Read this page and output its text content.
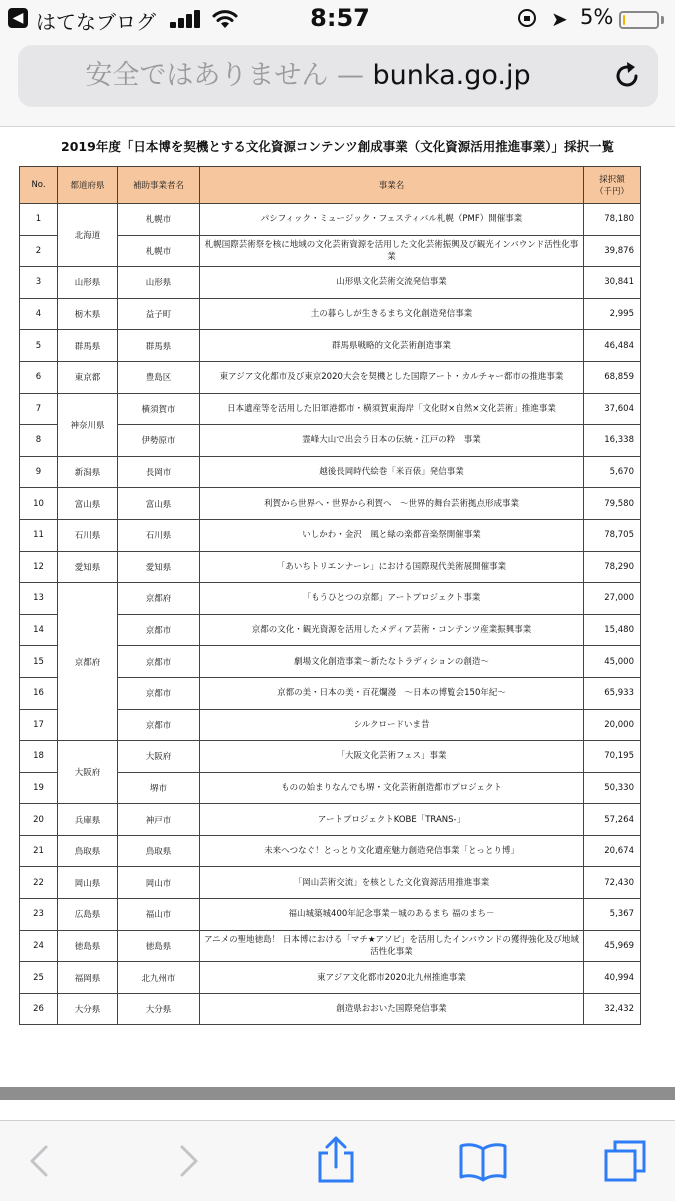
◀ はてなブログ	8:57	➤ 5%
安全ではありません — bunka.go.jp
2019年度「日本博を契機とする文化資源コンテンツ創成事業（文化資源活用推進事業）」採択一覧
No.	都道府県	補助事業者名	事業名	採択額
（千円）
1	北海道	札幌市	パシフィック・ミュージック・フェスティバル札幌（PMF）開催事業	78,180
2		札幌市	札幌国際芸術祭を核に地域の文化芸術資源を活用した文化芸術振興及び観光インバウンド活性化事業	39,876
3	山形県	山形県	山形県文化芸術交流発信事業	30,841
4	栃木県	益子町	土の暮らしが生きるまち文化創造発信事業	2,995
5	群馬県	群馬県	群馬県戦略的文化芸術創造事業	46,484
6	東京都	豊島区	東アジア文化都市及び東京2020大会を契機とした国際アート・カルチャー都市の推進事業	68,859
7	神奈川県	横須賀市	日本遺産等を活用した旧軍港都市・横須賀東海岸「文化財×自然×文化芸術」推進事業	37,604
8		伊勢原市	霊峰大山で出会う日本の伝統・江戸の粋　事業	16,338
9	新潟県	長岡市	越後長岡時代絵巻「米百俵」発信事業	5,670
10	富山県	富山県	利賀から世界へ・世界から利賀へ　～世界的舞台芸術拠点形成事業	79,580
11	石川県	石川県	いしかわ・金沢　風と緑の楽都音楽祭開催事業	78,705
12	愛知県	愛知県	「あいちトリエンナーレ」における国際現代美術展開催事業	78,290
13	京都府	京都府	「もうひとつの京都」アートプロジェクト事業	27,000
14		京都市	京都の文化・観光資源を活用したメディア芸術・コンテンツ産業振興事業	15,480
15		京都市	劇場文化創造事業～新たなトラディションの創造～	45,000
16		京都市	京都の美・日本の美・百花爛漫　～日本の博覧会150年紀～	65,933
17		京都市	シルクロードいま昔	20,000
18	大阪府	大阪府	「大阪文化芸術フェス」事業	70,195
19		堺市	ものの始まりなんでも堺・文化芸術創造都市プロジェクト	50,330
20	兵庫県	神戸市	アートプロジェクトKOBE「TRANS-」	57,264
21	鳥取県	鳥取県	未来へつなぐ！とっとり文化遺産魅力創造発信事業「とっとり博」	20,674
22	岡山県	岡山市	「岡山芸術交流」を核とした文化資源活用推進事業	72,430
23	広島県	福山市	福山城築城400年記念事業－城のあるまち 福のまち－	5,367
24	徳島県	徳島県	アニメの聖地徳島！ 日本博における「マチ★アソビ」を活用したインバウンドの獲得強化及び地域活性化事業	45,969
25	福岡県	北九州市	東アジア文化都市2020北九州推進事業	40,994
26	大分県	大分県	創造県おおいた国際発信事業	32,432
